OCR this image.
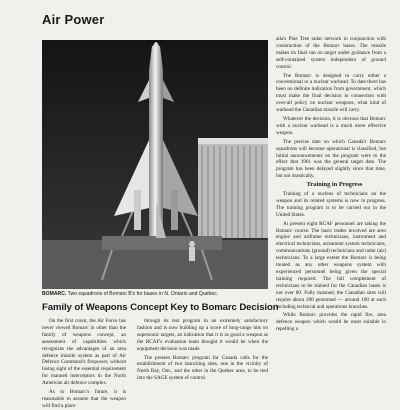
Air Power
BOMARC. Two squadrons of Bomarc B's for bases in N. Ontario and Quebec.
Family of Weapons Concept Key to Bomarc Decision

On the first count, the Air Force has never viewed Bomarc in other than the family of weapons concept, an assessment of capabilities which recognizes the advantages of an area defence missile system as part of Air Defence Command's firepower, without losing sight of the essential requirement for manned interceptors in the North American air defence complex.

As to Bomarc's future, it is reasonable to assume that the weapon will find a place

through its test program in an extremely satisfactory fashion and is now building up a score of long-range hits on supersonic targets, an indication that it is as good a weapon as the RCAF's evaluation team thought it would be when the equipment decision was made.

The present Bomarc program for Canada calls for the establishment of two launching sites, one in the vicinity of North Bay, Ont., and the other in the Quebec area, to be tied into the SAGE system of control.

ada's Pine Tree radar network in conjunction with construction of the Bomarc bases. The missile makes its final run on target under guidance from a self-contained system independent of ground control.

The Bomarc is designed to carry either a conventional or a nuclear warhead. To date there has been no definite indication from government, which must make the final decision in connection with over-all policy on nuclear weapons, what kind of warhead the Canadian missile will carry.

Whatever the decision, it is obvious that Bomarc with a nuclear warhead is a much more effective weapon.

The precise date on which Canada's Bomarc squadrons will become operational is classified, but initial announcements on the program were to the effect that 1961 was the general target date. The program has been delayed slightly since that time, but not drastically.

Training in Progress

Training of a nucleus of technicians on the weapon and its related systems is now in progress. The training program is to be carried out in the United States.

At present eight RCAF personnel are taking the Bomarc course. The basic trades involved are aero engine and airframe technicians, instrument and electrical technicians, armament system technicians, communications (ground) technicians and radar (air) technicians. To a large extent the Bomarc is being treated as any other weapons system with experienced personnel being given the special training required. The full complement of technicians to be trained for the Canadian bases is not over 80. Fully manned, the Canadian sites will require about 200 personnel — around 100 at each including technical and operations branches.

While Bomarc provides the rapid fire, area defence weapon which would be most suitable in repelling a
